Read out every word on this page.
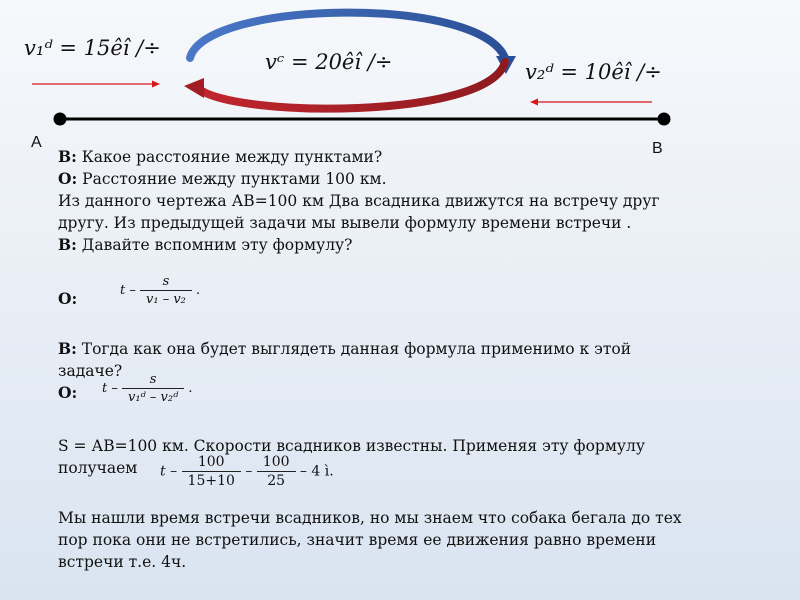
v₁ᵈ = 15êî /÷
vᶜ = 20êî /÷	v₂ᵈ = 10êî /÷
A	B

В: Какое расстояние между пунктами?

О: Расстояние между пунктами 100 км.

Из данного чертежа АВ=100 км Два всадника движутся на встречу друг другу. Из предыдущей задачи мы вывели формулу времени встречи .

В: Давайте вспомним эту формулу?

О:	t – $\frac{s}{\text{v₁ – v₂}}$ .

В: Тогда как она будет выглядеть данная формула применимо к этой задаче?

О:	t – $\frac{s}{\text{v₁ᵈ – v₂ᵈ}}$ .

S = АВ=100 км. Скорости всадников известны. Применяя эту формулу получаем	t – $\frac{100}{15+10} - \frac{100}{25} - 4$ ì.

Мы нашли время встречи всадников, но мы знаем что собака бегала до тех пор пока они не встретились, значит время ее движения равно времени встречи т.е. 4ч.
